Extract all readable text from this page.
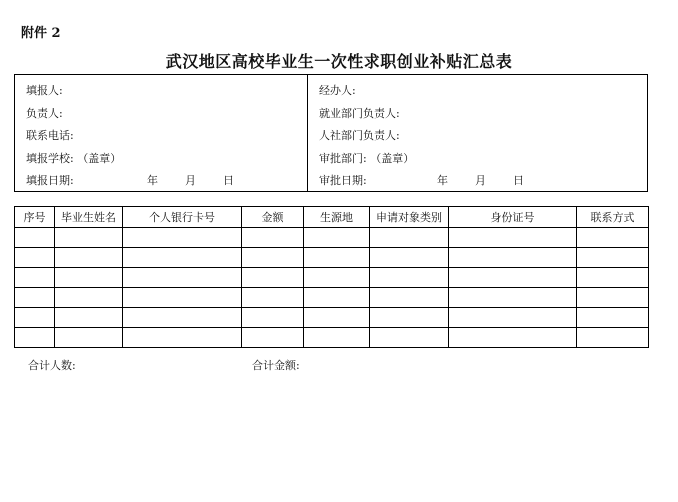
附件 2
武汉地区高校毕业生一次性求职创业补贴汇总表
填报人:
负责人:
联系电话:
填报学校: （盖章）
填报日期:	年 月 日
经办人:
就业部门负责人:
人社部门负责人:
审批部门: （盖章）
审批日期:	年 月 日
序号	毕业生姓名	个人银行卡号	金额	生源地	申请对象类别	身份证号	联系方式

合计人数:	合计金额:
